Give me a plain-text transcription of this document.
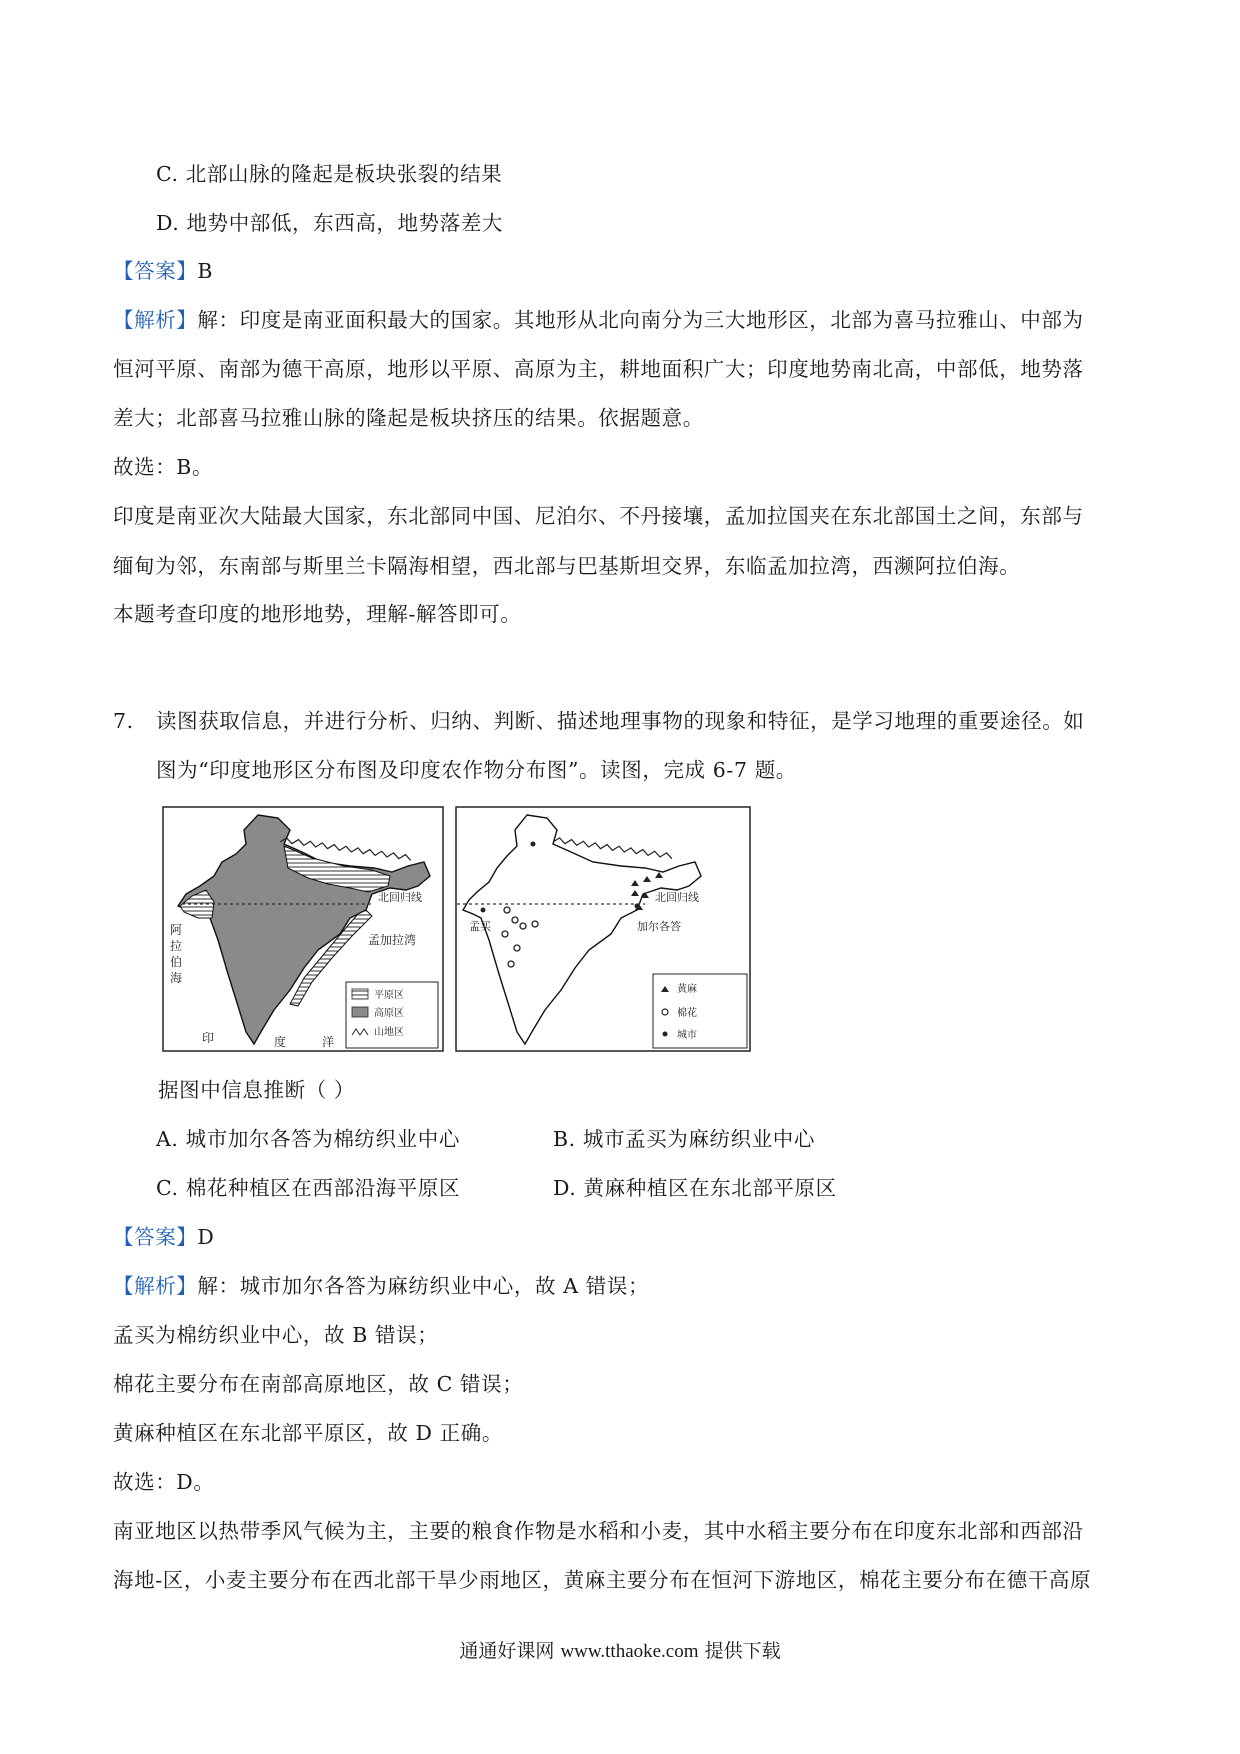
C. 北部山脉的隆起是板块张裂的结果
D. 地势中部低，东西高，地势落差大
【答案】B
【解析】解：印度是南亚面积最大的国家。其地形从北向南分为三大地形区，北部为喜马拉雅山、中部为
恒河平原、南部为德干高原，地形以平原、高原为主，耕地面积广大；印度地势南北高，中部低，地势落
差大；北部喜马拉雅山脉的隆起是板块挤压的结果。依据题意。
故选：B。
印度是南亚次大陆最大国家，东北部同中国、尼泊尔、不丹接壤，孟加拉国夹在东北部国土之间，东部与
缅甸为邻，东南部与斯里兰卡隔海相望，西北部与巴基斯坦交界，东临孟加拉湾，西濒阿拉伯海。
本题考查印度的地形地势，理解-解答即可。
7. 读图获取信息，并进行分析、归纳、判断、描述地理事物的现象和特征，是学习地理的重要途径。如
图为“印度地形区分布图及印度农作物分布图”。读图，完成 6-7 题。
北回归线
孟加拉湾
阿
拉
伯
海
印	度	洋
平原区
高原区
山地区
北回归线
加尔各答
孟买
黄麻
棉花
城市
据图中信息推断（ ）
A. 城市加尔各答为棉纺织业中心	B. 城市孟买为麻纺织业中心
C. 棉花种植区在西部沿海平原区	D. 黄麻种植区在东北部平原区
【答案】D
【解析】解：城市加尔各答为麻纺织业中心，故 A 错误；
孟买为棉纺织业中心，故 B 错误；
棉花主要分布在南部高原地区，故 C 错误；
黄麻种植区在东北部平原区，故 D 正确。
故选：D。
南亚地区以热带季风气候为主，主要的粮食作物是水稻和小麦，其中水稻主要分布在印度东北部和西部沿
海地-区，小麦主要分布在西北部干旱少雨地区，黄麻主要分布在恒河下游地区，棉花主要分布在德干高原
通通好课网 www.tthaoke.com 提供下载
